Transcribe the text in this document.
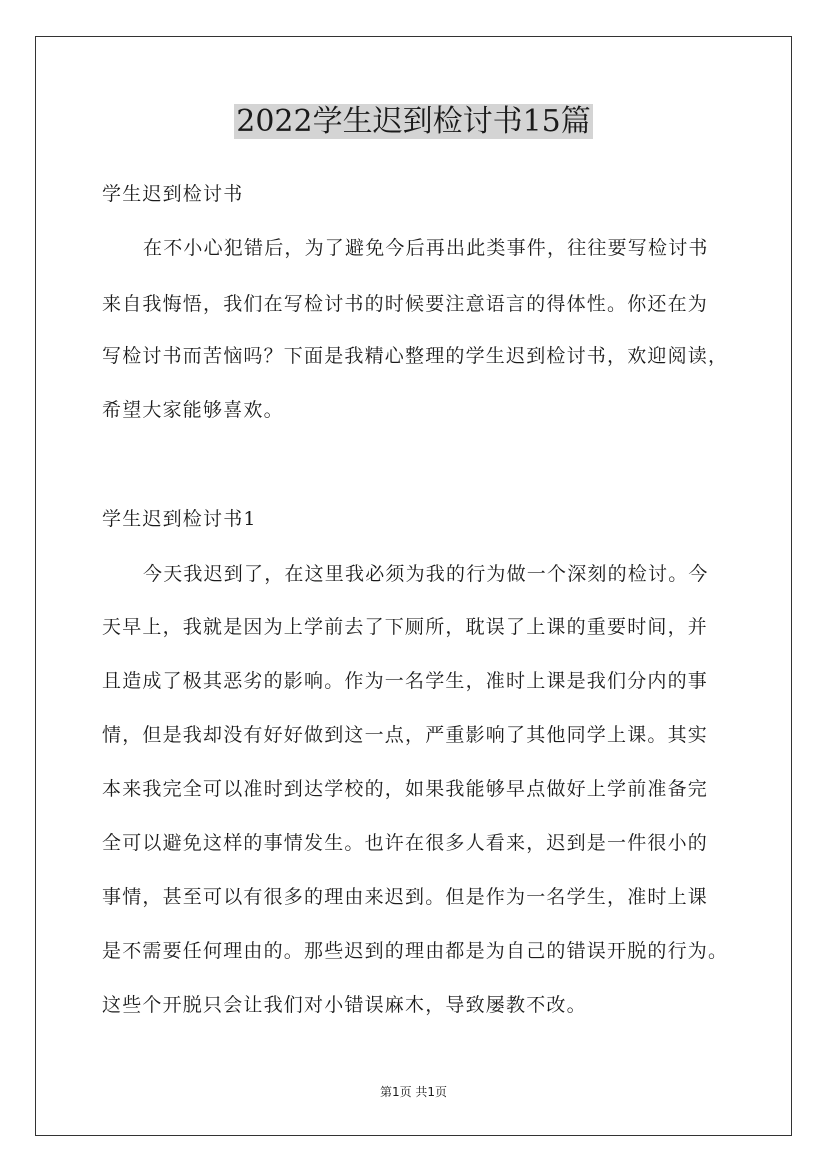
2022学生迟到检讨书15篇
学生迟到检讨书
在不小心犯错后，为了避免今后再出此类事件，往往要写检讨书
来自我悔悟，我们在写检讨书的时候要注意语言的得体性。你还在为
写检讨书而苦恼吗？下面是我精心整理的学生迟到检讨书，欢迎阅读，
希望大家能够喜欢。
学生迟到检讨书1
今天我迟到了，在这里我必须为我的行为做一个深刻的检讨。今
天早上，我就是因为上学前去了下厕所，耽误了上课的重要时间，并
且造成了极其恶劣的影响。作为一名学生，准时上课是我们分内的事
情，但是我却没有好好做到这一点，严重影响了其他同学上课。其实
本来我完全可以准时到达学校的，如果我能够早点做好上学前准备完
全可以避免这样的事情发生。也许在很多人看来，迟到是一件很小的
事情，甚至可以有很多的理由来迟到。但是作为一名学生，准时上课
是不需要任何理由的。那些迟到的理由都是为自己的错误开脱的行为。
这些个开脱只会让我们对小错误麻木，导致屡教不改。
第1页 共1页
